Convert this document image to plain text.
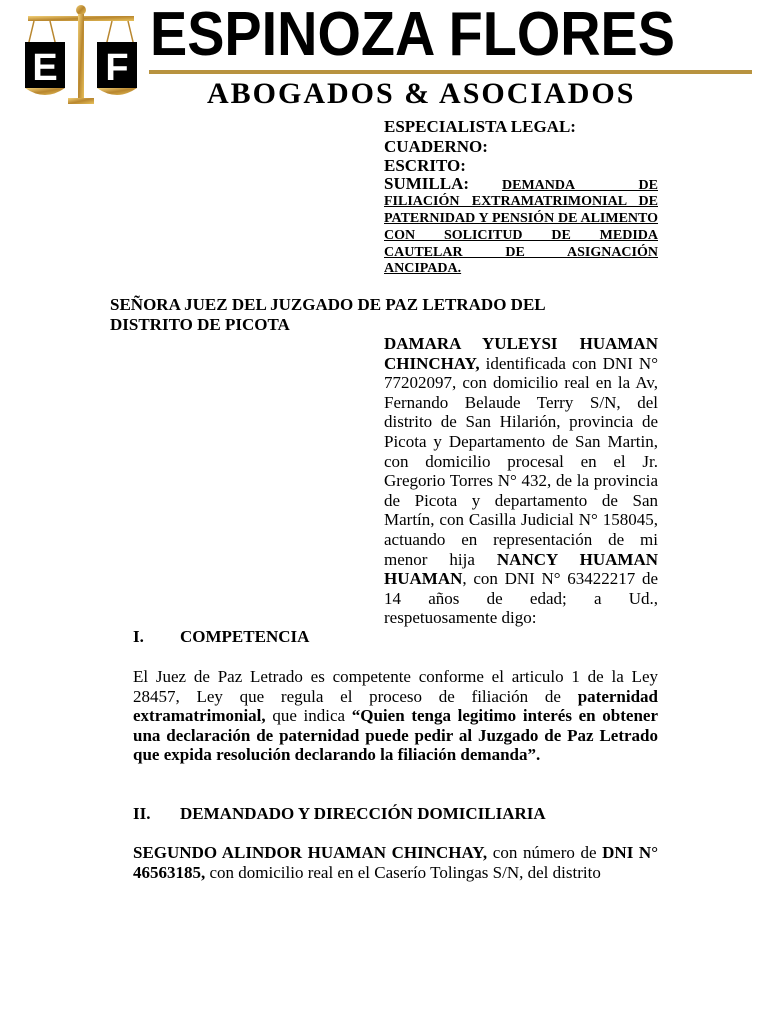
E F ESPINOZA FLORES
ABOGADOS & ASOCIADOS
ESPECIALISTA LEGAL:
CUADERNO:
ESCRITO:
SUMILLA: DEMANDA DE FILIACIÓN EXTRAMATRIMONIAL DE PATERNIDAD Y PENSIÓN DE ALIMENTO CON SOLICITUD DE MEDIDA CAUTELAR DE ASIGNACIÓN ANCIPADA.
SEÑORA JUEZ DEL JUZGADO DE PAZ LETRADO DEL DISTRITO DE PICOTA
DAMARA YULEYSI HUAMAN CHINCHAY, identificada con DNI N° 77202097, con domicilio real en la Av, Fernando Belaude Terry S/N, del distrito de San Hilarión, provincia de Picota y Departamento de San Martin, con domicilio procesal en el Jr. Gregorio Torres N° 432, de la provincia de Picota y departamento de San Martín, con Casilla Judicial N° 158045, actuando en representación de mi menor hija NANCY HUAMAN HUAMAN, con DNI N° 63422217 de 14 años de edad; a Ud., respetuosamente digo:
I. COMPETENCIA
El Juez de Paz Letrado es competente conforme el articulo 1 de la Ley 28457, Ley que regula el proceso de filiación de paternidad extramatrimonial, que indica “Quien tenga legitimo interés en obtener una declaración de paternidad puede pedir al Juzgado de Paz Letrado que expida resolución declarando la filiación demanda”.
II. DEMANDADO Y DIRECCIÓN DOMICILIARIA
SEGUNDO ALINDOR HUAMAN CHINCHAY, con número de DNI N° 46563185, con domicilio real en el Caserío Tolingas S/N, del distrito
